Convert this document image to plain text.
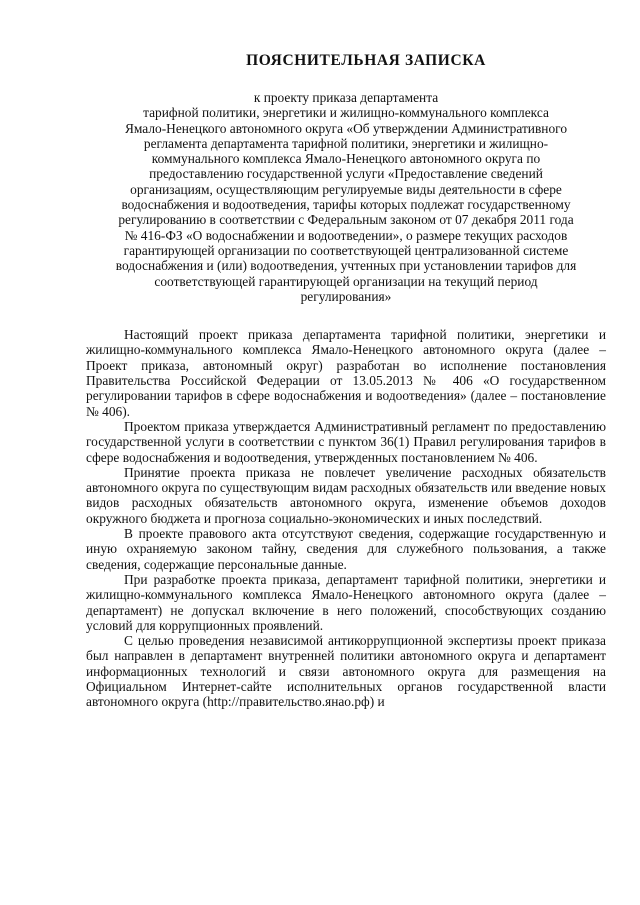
ПОЯСНИТЕЛЬНАЯ ЗАПИСКА
к проекту приказа департамента
тарифной политики, энергетики и жилищно-коммунального комплекса
Ямало-Ненецкого автономного округа «Об утверждении Административного
регламента департамента тарифной политики, энергетики и жилищно-
коммунального комплекса Ямало-Ненецкого автономного округа по
предоставлению государственной услуги «Предоставление сведений
организациям, осуществляющим регулируемые виды деятельности в сфере
водоснабжения и водоотведения, тарифы которых подлежат государственному
регулированию в соответствии с Федеральным законом от 07 декабря 2011 года
№ 416-ФЗ «О водоснабжении и водоотведении», о размере текущих расходов
гарантирующей организации по соответствующей централизованной системе
водоснабжения и (или) водоотведения, учтенных при установлении тарифов для
соответствующей гарантирующей организации на текущий период
регулирования»

Настоящий проект приказа департамента тарифной политики, энергетики и жилищно-коммунального комплекса Ямало-Ненецкого автономного округа (далее – Проект приказа, автономный округ) разработан во исполнение постановления Правительства Российской Федерации от 13.05.2013 № 406 «О государственном регулировании тарифов в сфере водоснабжения и водоотведения» (далее – постановление № 406).

Проектом приказа утверждается Административный регламент по предоставлению государственной услуги в соответствии с пунктом 36(1) Правил регулирования тарифов в сфере водоснабжения и водоотведения, утвержденных постановлением № 406.

Принятие проекта приказа не повлечет увеличение расходных обязательств автономного округа по существующим видам расходных обязательств или введение новых видов расходных обязательств автономного округа, изменение объемов доходов окружного бюджета и прогноза социально-экономических и иных последствий.

В проекте правового акта отсутствуют сведения, содержащие государственную и иную охраняемую законом тайну, сведения для служебного пользования, а также сведения, содержащие персональные данные.

При разработке проекта приказа, департамент тарифной политики, энергетики и жилищно-коммунального комплекса Ямало-Ненецкого автономного округа (далее – департамент) не допускал включение в него положений, способствующих созданию условий для коррупционных проявлений.

С целью проведения независимой антикоррупционной экспертизы проект приказа был направлен в департамент внутренней политики автономного округа и департамент информационных технологий и связи автономного округа для размещения на Официальном Интернет-сайте исполнительных органов государственной власти автономного округа (http://правительство.янао.рф) и
